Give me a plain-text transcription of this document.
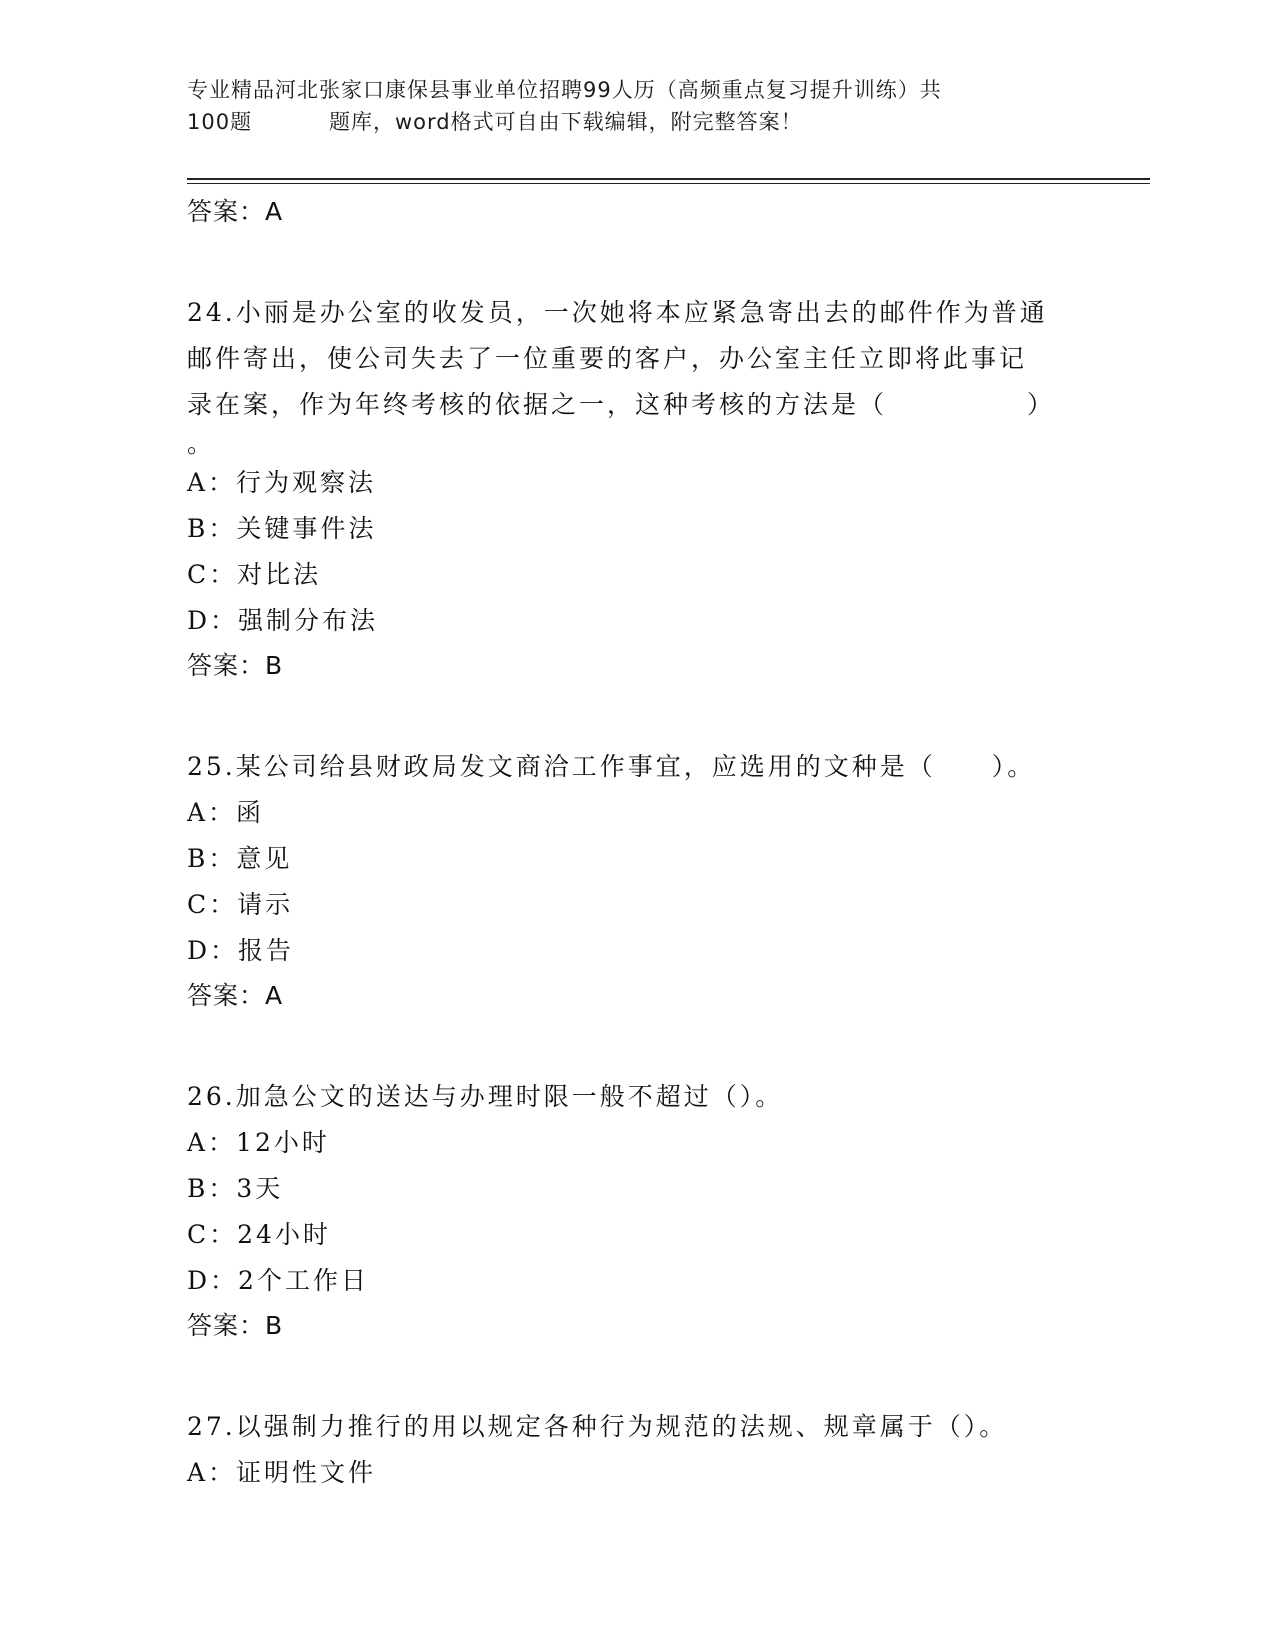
专业精品河北张家口康保县事业单位招聘99人历（高频重点复习提升训练）共
100题	题库，word格式可自由下载编辑，附完整答案！
答案：A
24.小丽是办公室的收发员，一次她将本应紧急寄出去的邮件作为普通
邮件寄出，使公司失去了一位重要的客户，办公室主任立即将此事记
录在案，作为年终考核的依据之一，这种考核的方法是（　　　　　）
。
A：行为观察法
B：关键事件法
C：对比法
D：强制分布法
答案：B
25.某公司给县财政局发文商洽工作事宜，应选用的文种是（　　）。
A：函
B：意见
C：请示
D：报告
答案：A
26.加急公文的送达与办理时限一般不超过（）。
A：12小时
B：3天
C：24小时
D：2个工作日
答案：B
27.以强制力推行的用以规定各种行为规范的法规、规章属于（）。
A：证明性文件
